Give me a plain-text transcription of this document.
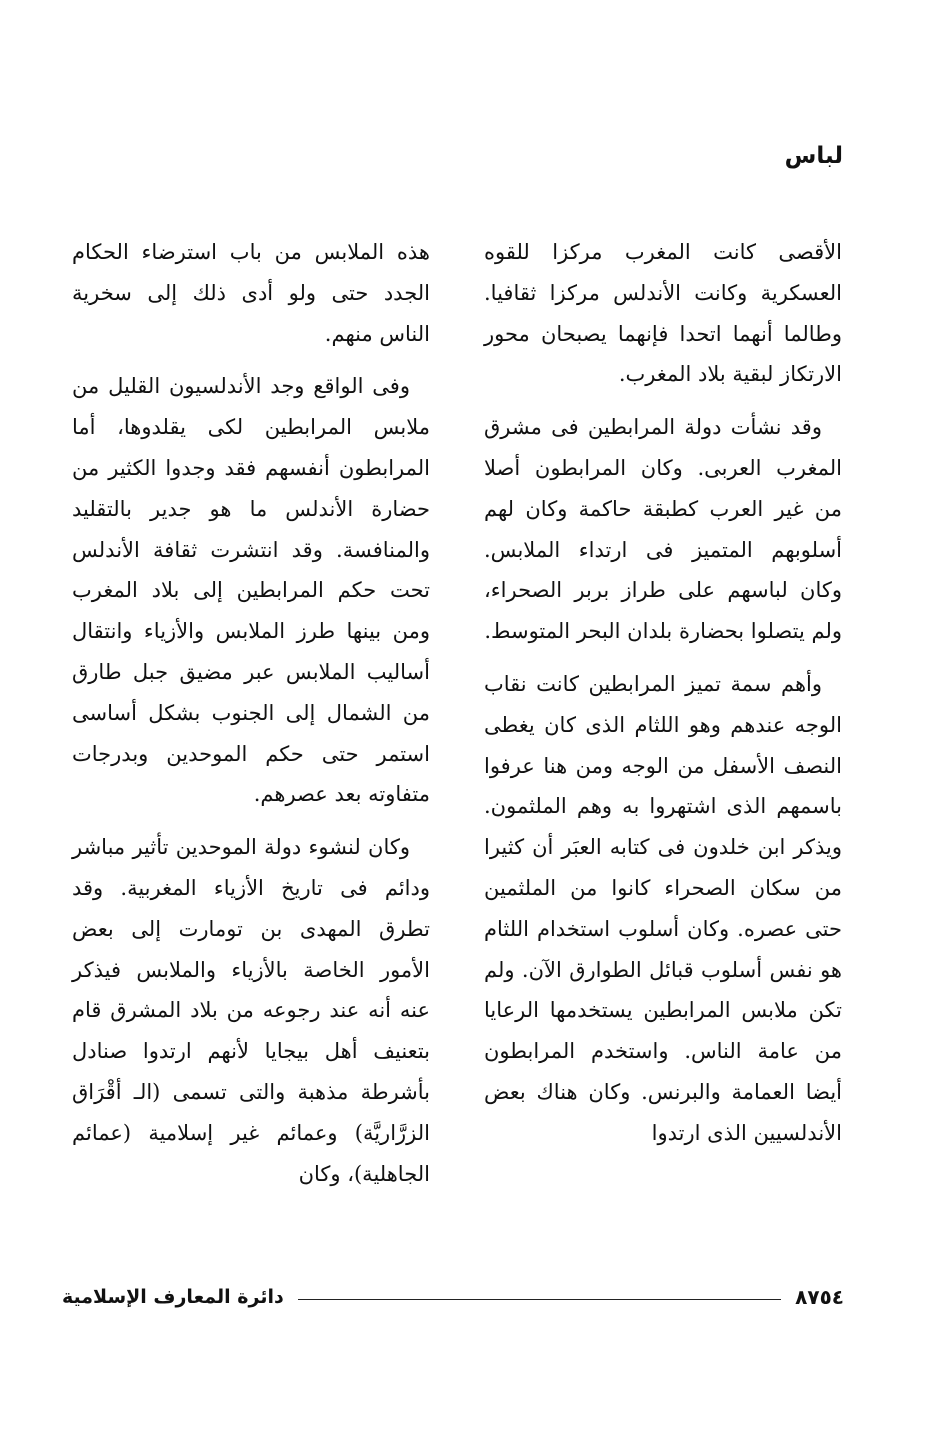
لباس

الأقصى كانت المغرب مركزا للقوه العسكرية وكانت الأندلس مركزا ثقافيا. وطالما أنهما اتحدا فإنهما يصبحان محور الارتكاز لبقية بلاد المغرب.

وقد نشأت دولة المرابطين فى مشرق المغرب العربى. وكان المرابطون أصلا من غير العرب كطبقة حاكمة وكان لهم أسلوبهم المتميز فى ارتداء الملابس. وكان لباسهم على طراز بربر الصحراء، ولم يتصلوا بحضارة بلدان البحر المتوسط.

وأهم سمة تميز المرابطين كانت نقاب الوجه عندهم وهو اللثام الذى كان يغطى النصف الأسفل من الوجه ومن هنا عرفوا باسمهم الذى اشتهروا به وهم الملثمون. ويذكر ابن خلدون فى كتابه العبَر أن كثيرا من سكان الصحراء كانوا من الملثمين حتى عصره. وكان أسلوب استخدام اللثام هو نفس أسلوب قبائل الطوارق الآن. ولم تكن ملابس المرابطين يستخدمها الرعايا من عامة الناس. واستخدم المرابطون أيضا العمامة والبرنس. وكان هناك بعض الأندلسيين الذى ارتدوا

هذه الملابس من باب استرضاء الحكام الجدد حتى ولو أدى ذلك إلى سخرية الناس منهم.

وفى الواقع وجد الأندلسيون القليل من ملابس المرابطين لكى يقلدوها، أما المرابطون أنفسهم فقد وجدوا الكثير من حضارة الأندلس ما هو جدير بالتقليد والمنافسة. وقد انتشرت ثقافة الأندلس تحت حكم المرابطين إلى بلاد المغرب ومن بينها طرز الملابس والأزياء وانتقال أساليب الملابس عبر مضيق جبل طارق من الشمال إلى الجنوب بشكل أساسى استمر حتى حكم الموحدين وبدرجات متفاوته بعد عصرهم.

وكان لنشوء دولة الموحدين تأثير مباشر ودائم فى تاريخ الأزياء المغربية. وقد تطرق المهدى بن تومارت إلى بعض الأمور الخاصة بالأزياء والملابس فيذكر عنه أنه عند رجوعه من بلاد المشرق قام بتعنيف أهل بيجايا لأنهم ارتدوا صنادل بأشرطة مذهبة والتى تسمى (الـ أقْرَاق الزرَّاريَّة) وعمائم غير إسلامية (عمائم الجاهلية)، وكان

٨٧٥٤
دائرة المعارف الإسلامية
